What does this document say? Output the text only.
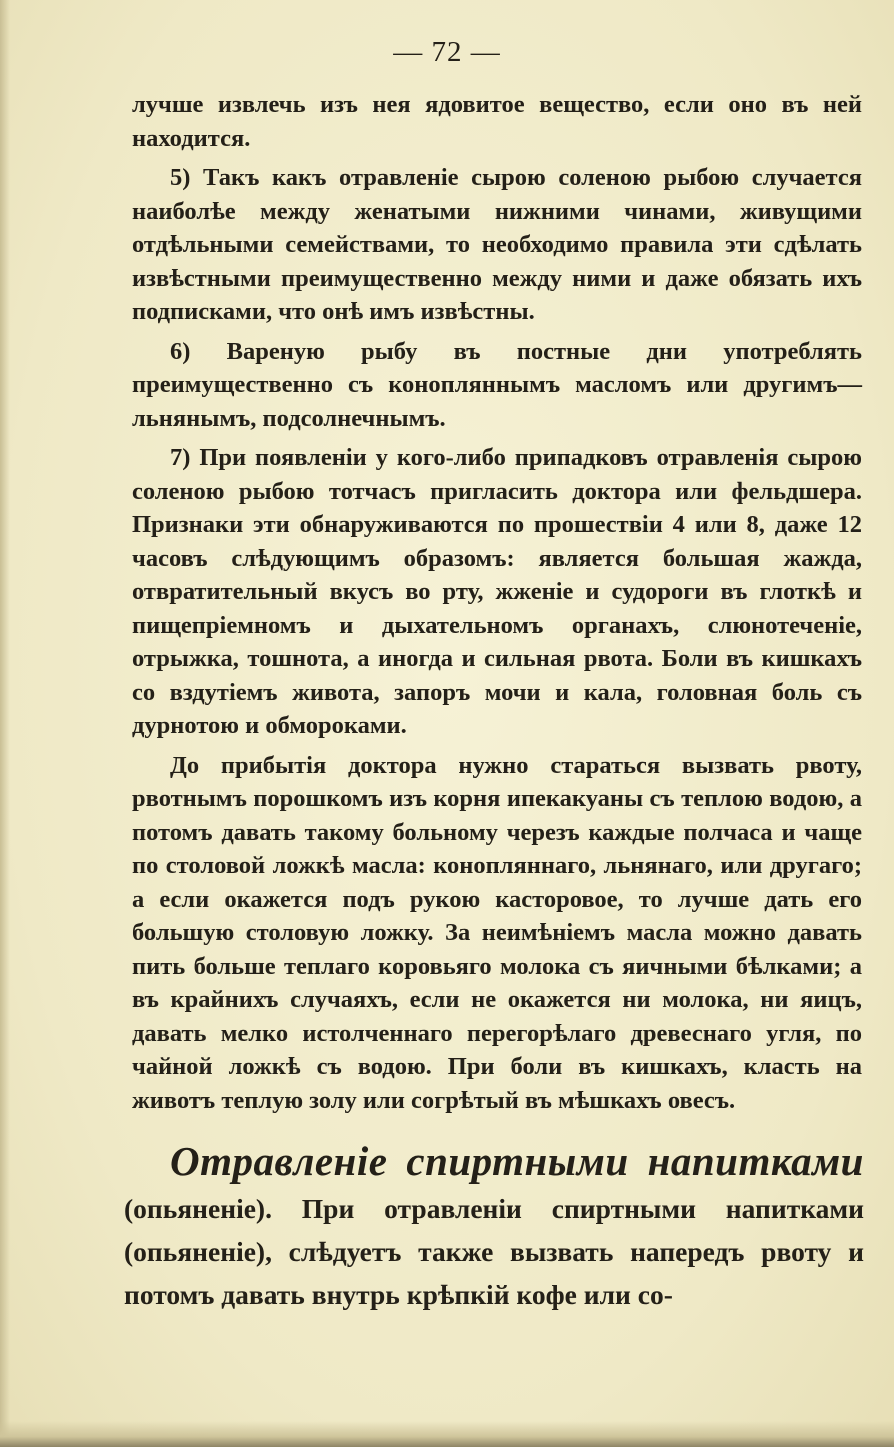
— 72 —

лучше извлечь изъ нея ядовитое вещество, если оно въ ней находится.

5) Такъ какъ отравленіе сырою соленою рыбою случается наиболѣе между женатыми нижними чинами, живущими отдѣльными семействами, то необходимо правила эти сдѣлать извѣстными преимущественно между ними и даже обязать ихъ подписками, что онѣ имъ извѣстны.

6) Вареную рыбу въ постные дни употреблять преимущественно съ конопляннымъ масломъ или другимъ—льнянымъ, подсолнечнымъ.

7) При появленіи у кого-либо припадковъ отравленія сырою соленою рыбою тотчасъ пригласить доктора или фельдшера. Признаки эти обнаруживаются по прошествіи 4 или 8, даже 12 часовъ слѣдующимъ образомъ: является большая жажда, отвратительный вкусъ во рту, жженіе и судороги въ глоткѣ и пищепріемномъ и дыхательномъ органахъ, слюнотеченіе, отрыжка, тошнота, а иногда и сильная рвота. Боли въ кишкахъ со вздутіемъ живота, запоръ мочи и кала, головная боль съ дурнотою и обмороками.

До прибытія доктора нужно стараться вызвать рвоту, рвотнымъ порошкомъ изъ корня ипекакуаны съ теплою водою, а потомъ давать такому больному черезъ каждые полчаса и чаще по столовой ложкѣ масла: конопляннаго, льнянаго, или другаго; а если окажется подъ рукою касторовое, то лучше дать его большую столовую ложку. За неимѣніемъ масла можно давать пить больше теплаго коровьяго молока съ яичными бѣлками; а въ крайнихъ случаяхъ, если не окажется ни молока, ни яицъ, давать мелко истолченнаго перегорѣлаго древеснаго угля, по чайной ложкѣ съ водою. При боли въ кишкахъ, класть на животъ теплую золу или согрѣтый въ мѣшкахъ овесъ.

Отравленіе спиртными напитками (опьяненіе). При отравленіи спиртными напитками (опьяненіе), слѣдуетъ также вызвать напередъ рвоту и потомъ давать внутрь крѣпкій кофе или со-
